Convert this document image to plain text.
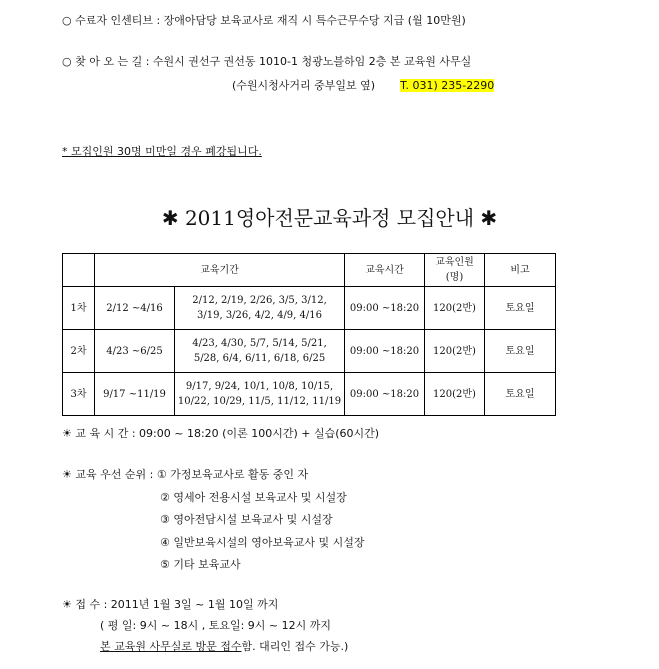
○ 수료자 인센티브 : 장애아담당 보육교사로 재직 시 특수근무수당 지급 (월 10만원)
○ 찾 아 오 는 길 : 수원시 권선구 권선동 1010-1 청광노블하임 2층 본 교육원 사무실
(수원시청사거리 중부일보 옆) T. 031) 235-2290
* 모집인원 30명 미만일 경우 폐강됩니다.
✱ 2011영아전문교육과정 모집안내 ✱
	교육기간		교육시간	교육인원
(명)	비고
1차	2/12 ~4/16	2/12, 2/19, 2/26, 3/5, 3/12,
3/19, 3/26, 4/2, 4/9, 4/16	09:00 ~18:20	120(2반)	토요일
2차	4/23 ~6/25	4/23, 4/30, 5/7, 5/14, 5/21,
5/28, 6/4, 6/11, 6/18, 6/25	09:00 ~18:20	120(2반)	토요일
3차	9/17 ~11/19	9/17, 9/24, 10/1, 10/8, 10/15,
10/22, 10/29, 11/5, 11/12, 11/19	09:00 ~18:20	120(2반)	토요일
☀ 교 육 시 간 : 09:00 ~ 18:20 (이론 100시간) + 실습(60시간)
☀ 교육 우선 순위 : ① 가정보육교사로 활동 중인 자
② 영세아 전용시설 보육교사 및 시설장
③ 영아전담시설 보육교사 및 시설장
④ 일반보육시설의 영아보육교사 및 시설장
⑤ 기타 보육교사
☀ 접 수 : 2011년 1월 3일 ~ 1월 10일 까지
( 평 일: 9시 ~ 18시 , 토요일: 9시 ~ 12시 까지
본 교육원 사무실로 방문 접수함. 대리인 접수 가능.)
